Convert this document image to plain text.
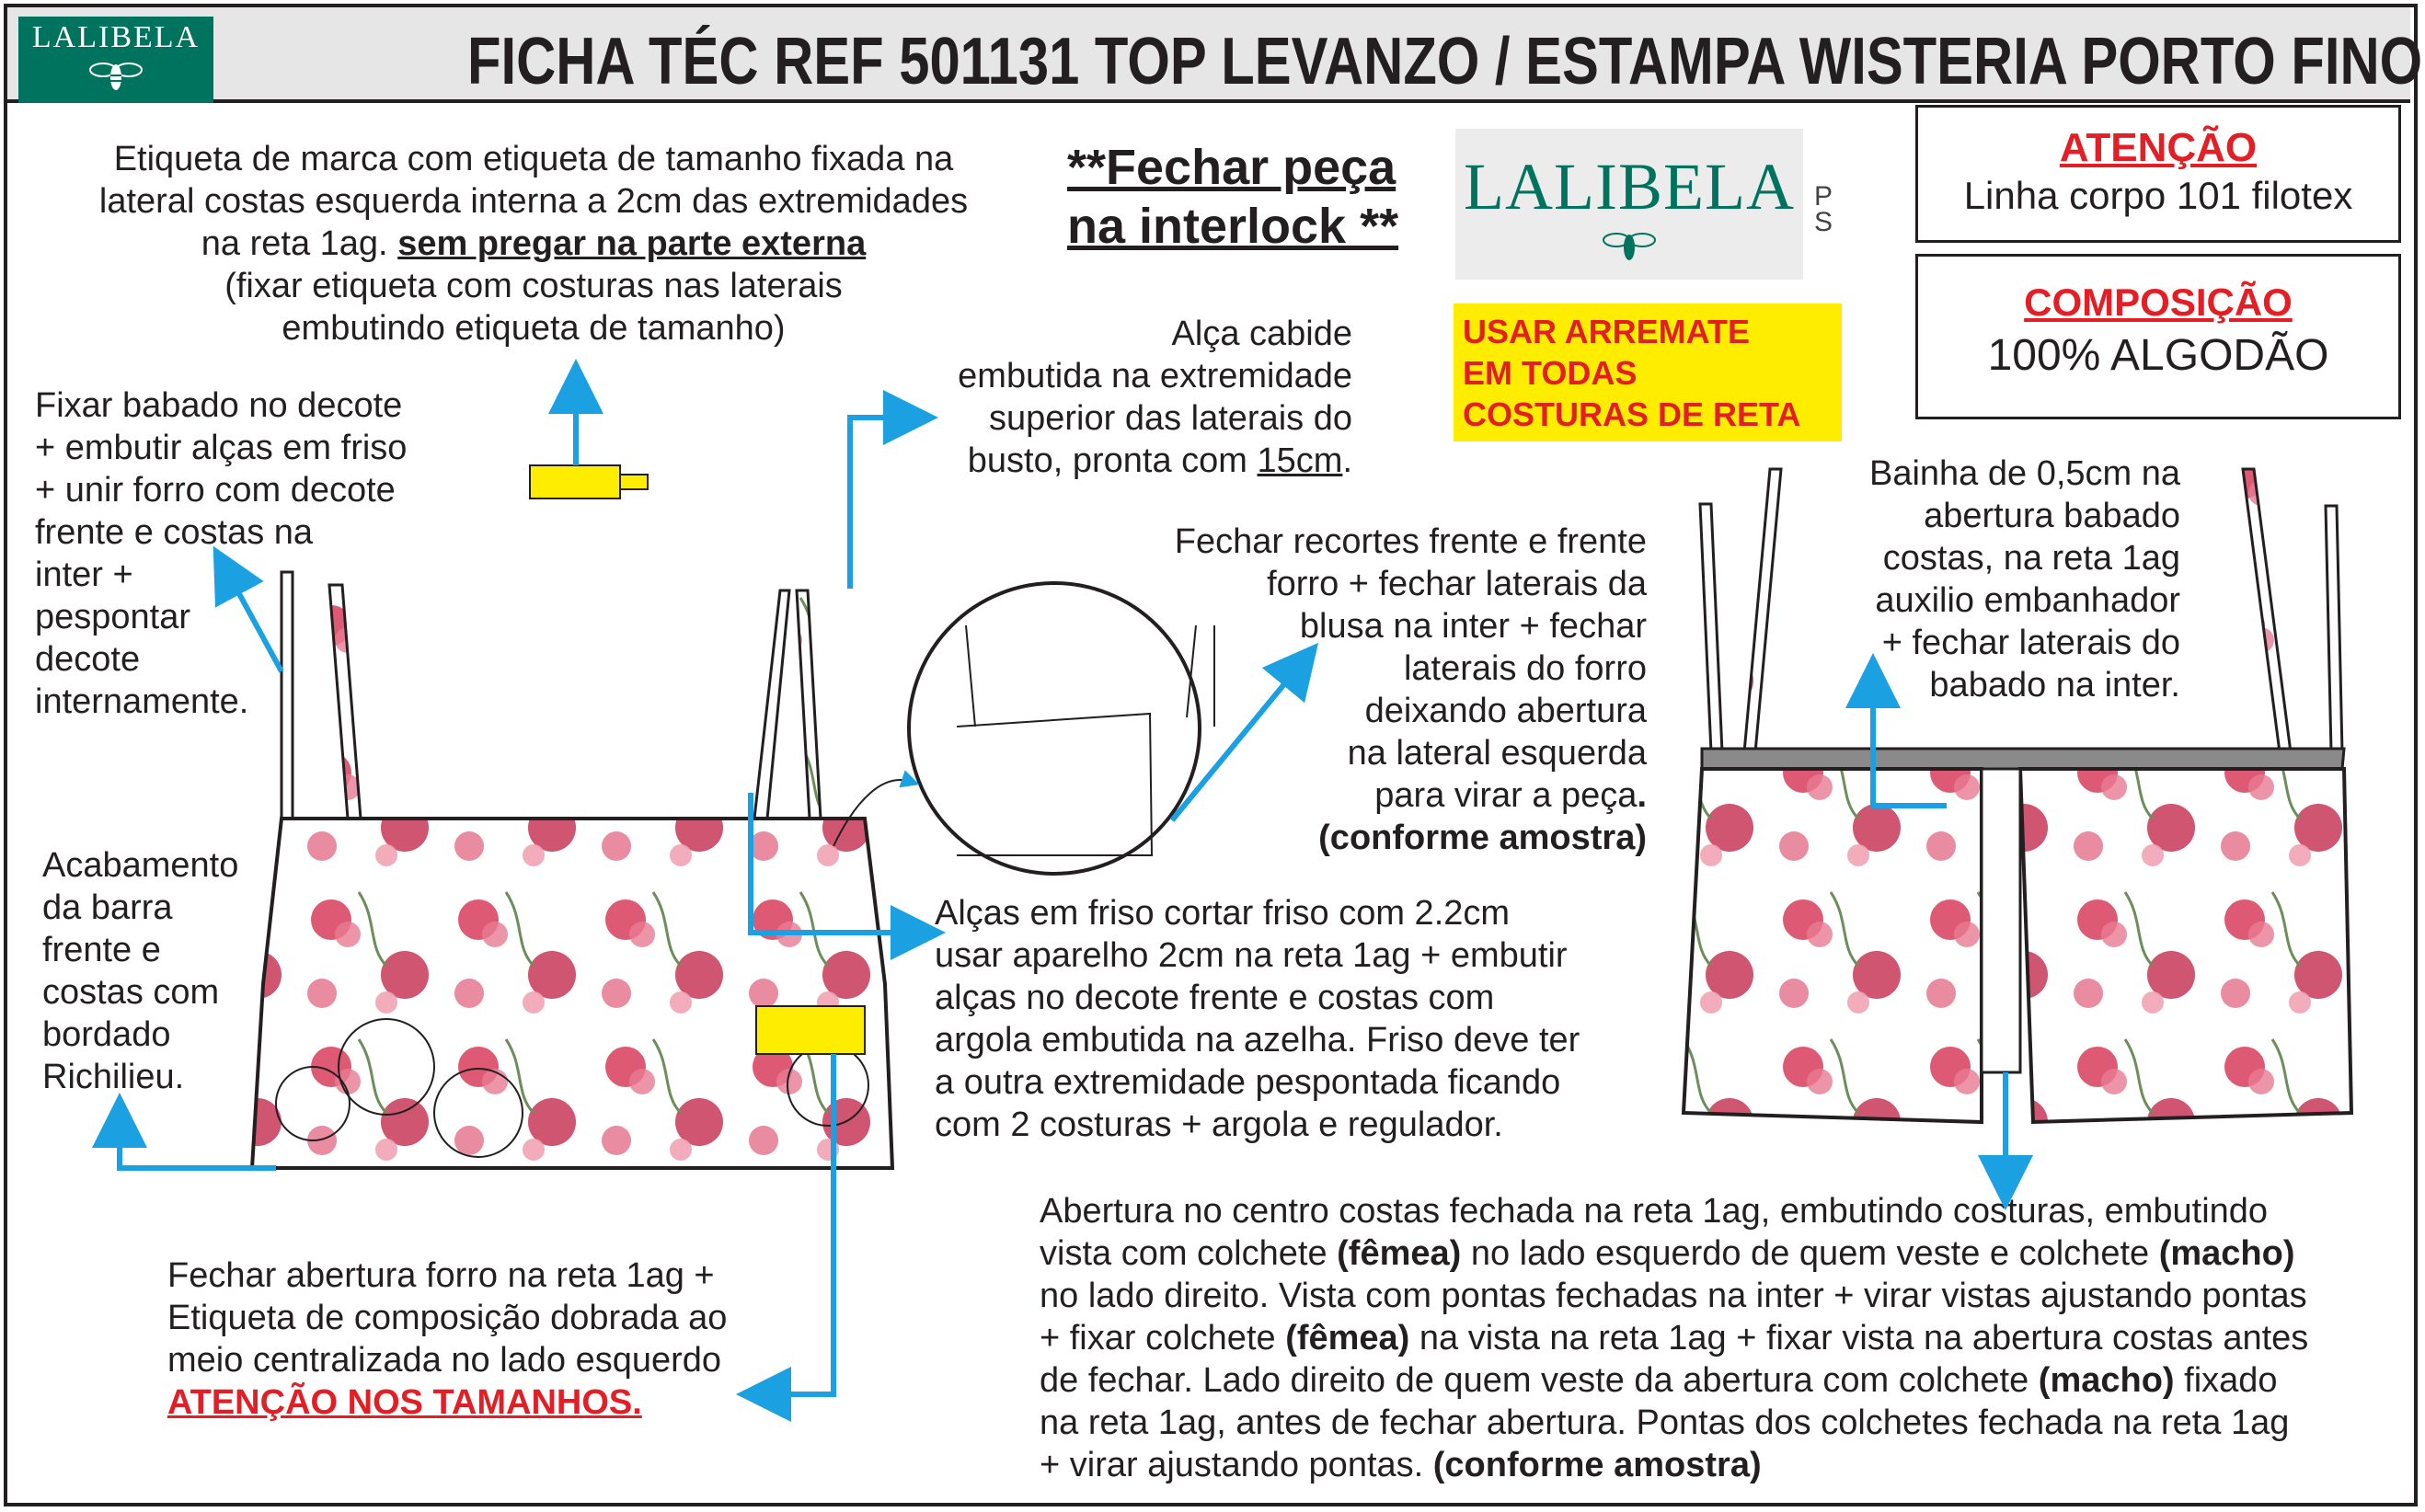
LALIBELA	FICHA TÉC REF 501131 TOP LEVANZO / ESTAMPA WISTERIA PORTO FINO
Etiqueta de marca com etiqueta de tamanho fixada na
lateral costas esquerda interna a 2cm das extremidades
na reta 1ag. sem pregar na parte externa
(fixar etiqueta com costuras nas laterais
embutindo etiqueta de tamanho)
**Fechar peça
na interlock **
LALIBELA P S
ATENÇÃO
Linha corpo 101 filotex
COMPOSIÇÃO
100% ALGODÃO
USAR ARREMATE
EM TODAS
COSTURAS DE RETA
Alça cabide
embutida na extremidade
superior das laterais do
busto, pronta com 15cm.
Fixar babado no decote
+ embutir alças em friso
+ unir forro com decote
frente e costas na
inter +
pespontar
decote
internamente.
Acabamento
da barra
frente e
costas com
bordado
Richilieu.
Fechar recortes frente e frente
forro + fechar laterais da
blusa na inter + fechar
laterais do forro
deixando abertura
na lateral esquerda
para virar a peça.
(conforme amostra)
Alças em friso cortar friso com 2.2cm
usar aparelho 2cm na reta 1ag + embutir
alças no decote frente e costas com
argola embutida na azelha. Friso deve ter
a outra extremidade pespontada ficando
com 2 costuras + argola e regulador.
Bainha de 0,5cm na
abertura babado
costas, na reta 1ag
auxilio embanhador
+ fechar laterais do
babado na inter.
Fechar abertura forro na reta 1ag +
Etiqueta de composição dobrada ao
meio centralizada no lado esquerdo
ATENÇÃO NOS TAMANHOS.
Abertura no centro costas fechada na reta 1ag, embutindo costuras, embutindo
vista com colchete (fêmea) no lado esquerdo de quem veste e colchete (macho)
no lado direito. Vista com pontas fechadas na inter + virar vistas ajustando pontas
+ fixar colchete (fêmea) na vista na reta 1ag + fixar vista na abertura costas antes
de fechar. Lado direito de quem veste da abertura com colchete (macho) fixado
na reta 1ag, antes de fechar abertura. Pontas dos colchetes fechada na reta 1ag
+ virar ajustando pontas. (conforme amostra)
